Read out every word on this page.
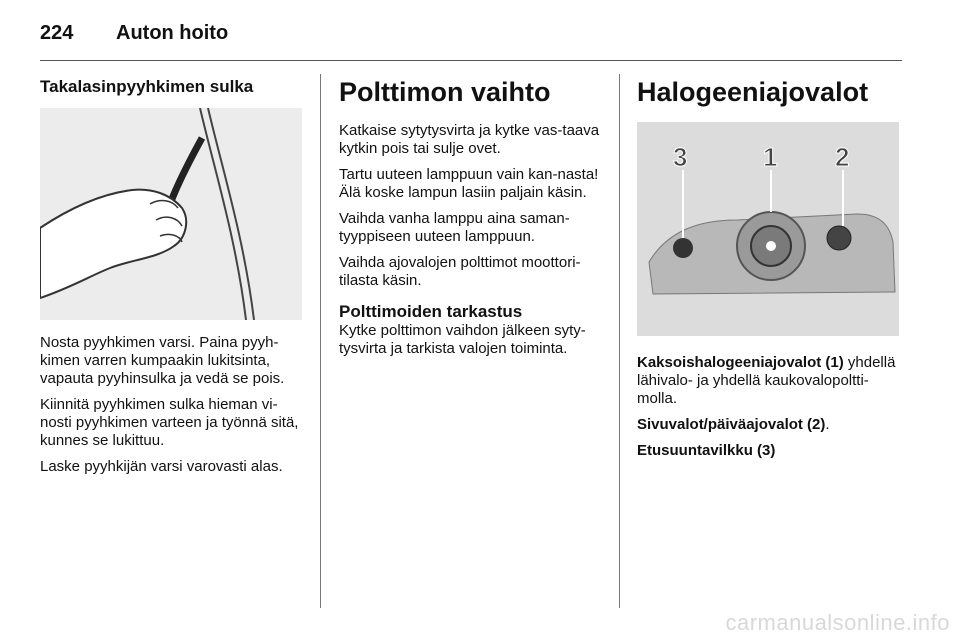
224 Auton hoito
Takalasinpyyhkimen sulka

Nosta pyyhkimen varsi. Paina pyyh-kimen varren kumpaakin lukitsinta, vapauta pyyhinsulka ja vedä se pois.

Kiinnitä pyyhkimen sulka hieman vi-nosti pyyhkimen varteen ja työnnä sitä, kunnes se lukittuu.

Laske pyyhkijän varsi varovasti alas.

Polttimon vaihto

Katkaise sytytysvirta ja kytke vas-taava kytkin pois tai sulje ovet.

Tartu uuteen lamppuun vain kan-nasta! Älä koske lampun lasiin paljain käsin.

Vaihda vanha lamppu aina saman-tyyppiseen uuteen lamppuun.

Vaihda ajovalojen polttimot moottori-tilasta käsin.

Polttimoiden tarkastus

Kytke polttimon vaihdon jälkeen syty-tysvirta ja tarkista valojen toiminta.

Halogeeniajovalot
3	1 2

Kaksoishalogeeniajovalot (1) yhdellä lähivalo- ja yhdellä kaukovalopoltti-molla.

Sivuvalot/päiväajovalot (2).

Etusuuntavilkku (3)

carmanualsonline.info
